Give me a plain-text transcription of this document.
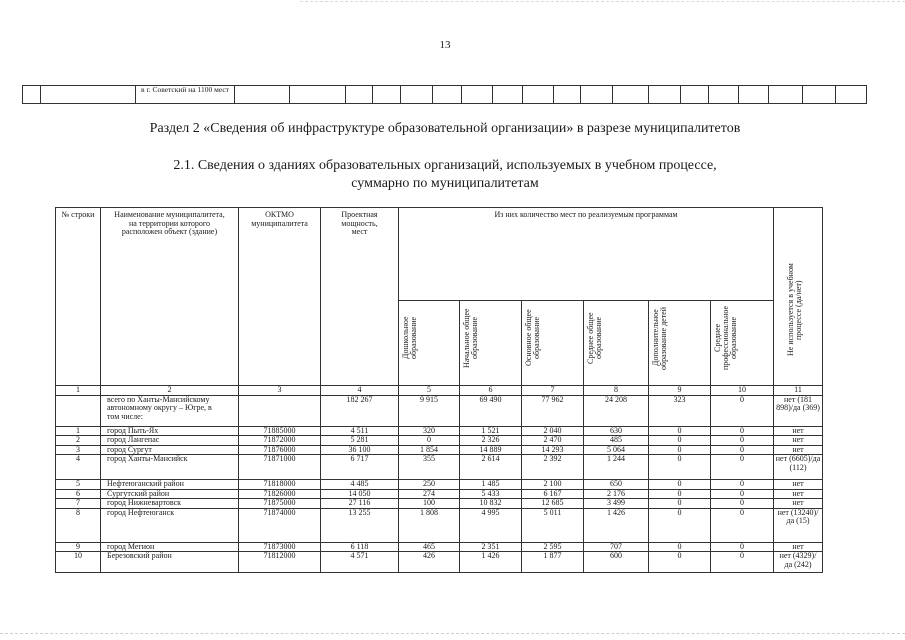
13
		в г. Советский на 1100 мест																			
Раздел 2 «Сведения об инфраструктуре образовательной организации» в разрезе муниципалитетов
2.1. Сведения о зданиях образовательных организаций, используемых в учебном процессе,
суммарно по муниципалитетам
№ строки	Наименование муниципалитета, на территории которого расположен объект (здание)	ОКТМО муниципалитета	Проектная мощность, мест	Из них количество мест по реализуемым программам						Не используется в учебном процессе (да/нет)

				Дошкольное образование	Начальное общее образование	Основное общее образование	Среднее общее образование	Дополнительное образование детей	Среднее профессиональное образование	

1	2	3	4	5	6	7	8	9	10	11
	всего по Ханты-Мансийскому автономному округу – Югре, в том числе:		182 267	9 915	69 490	77 962	24 208	323	0	нет (181 898)/да (369)
1	город Пыть-Ях	71885000	4 511	320	1 521	2 040	630	0	0	нет
2	город Лангепас	71872000	5 281	0	2 326	2 470	485	0	0	нет
3	город Сургут	71876000	36 100	1 854	14 889	14 293	5 064	0	0	нет
4	город Ханты-Мансийск	71871000	6 717	355	2 614	2 392	1 244	0	0	нет (6605)/да (112)
5	Нефтеюганский район	71818000	4 485	250	1 485	2 100	650	0	0	нет
6	Сургутский район	71826000	14 050	274	5 433	6 167	2 176	0	0	нет
7	город Нижневартовск	71875000	27 116	100	10 832	12 685	3 499	0	0	нет
8	город Нефтеюганск	71874000	13 255	1 808	4 995	5 011	1 426	0	0	нет (13240)/да (15)
9	город Мегион	71873000	6 118	465	2 351	2 595	707	0	0	нет
10	Березовский район	71812000	4 571	426	1 426	1 877	600	0	0	нет (4329)/ да (242)
